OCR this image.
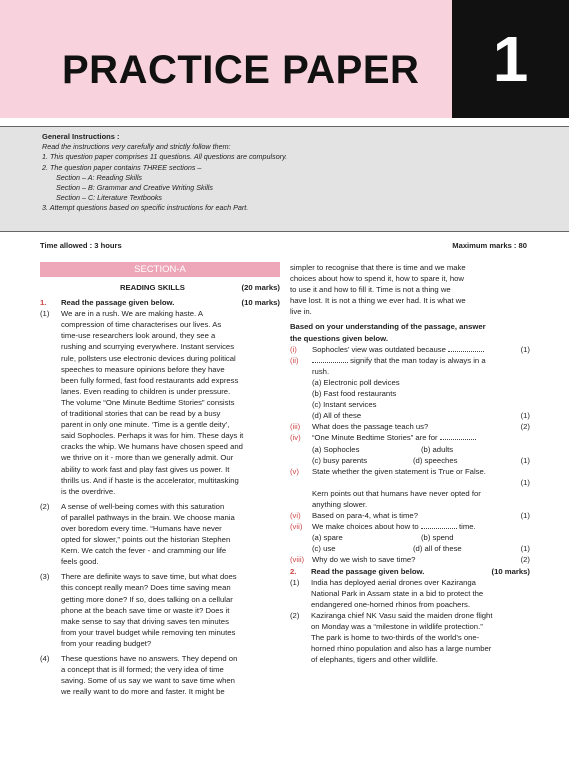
PRACTICE PAPER	1
General Instructions :
Read the instructions very carefully and strictly follow them:
1. This question paper comprises 11 questions. All questions are compulsory.
2. The question paper contains THREE sections –
Section – A: Reading Skills
Section – B: Grammar and Creative Writing Skills
Section – C: Literature Textbooks
3. Attempt questions based on specific instructions for each Part.
Time allowed : 3 hours	Maximum marks : 80
SECTION-A
READING SKILLS	(20 marks)
1. Read the passage given below.	(10 marks)
(1)	We are in a rush. We are making haste. A
compression of time characterises our lives. As
time-use researchers look around, they see a
rushing and scurrying everywhere. Instant services
rule, pollsters use electronic devices during political
speeches to measure opinions before they have
been fully formed, fast food restaurants add express
lanes. Even reading to children is under pressure.
The volume “One Minute Bedtime Stories” consists
of traditional stories that can be read by a busy
parent in only one minute. ‘Time is a gentle deity’,
said Sophocles. Perhaps it was for him. These days it
cracks the whip. We humans have chosen speed and
we thrive on it - more than we generally admit. Our
ability to work fast and play fast gives us power. It
thrills us. And if haste is the accelerator, multitasking
is the overdrive.
(2)	A sense of well-being comes with this saturation
of parallel pathways in the brain. We choose mania
over boredom every time. “Humans have never
opted for slower,” points out the historian Stephen
Kern. We catch the fever - and cramming our life
feels good.
(3)	There are definite ways to save time, but what does
this concept really mean? Does time saving mean
getting more done? If so, does talking on a cellular
phone at the beach save time or waste it? Does it
make sense to say that driving saves ten minutes
from your travel budget while removing ten minutes
from your reading budget?
(4)	These questions have no answers. They depend on
a concept that is ill formed; the very idea of time
saving. Some of us say we want to save time when
we really want to do more and faster. It might be
simpler to recognise that there is time and we make
choices about how to spend it, how to spare it, how
to use it and how to fill it. Time is not a thing we
have lost. It is not a thing we ever had. It is what we
live in.
Based on your understanding of the passage, answer
the questions given below.
(i)	Sophocles’ view was outdated because	(1)
(ii)	signify that the man today is always in a
rush.
(a) Electronic poll devices
(b) Fast food restaurants
(c) Instant services
(d) All of these	(1)
(iii)	What does the passage teach us?	(2)
(iv)	“One Minute Bedtime Stories” are for
(a) Sophocles	(b) adults
(c) busy parents	(d) speeches	(1)
(v)	State whether the given statement is True or False.
(1)
Kern points out that humans have never opted for
anything slower.
(vi)	Based on para-4, what is time?	(1)
(vii)	We make choices about how to	time.
(a) spare	(b) spend
(c) use	(d) all of these	(1)
(viii)	Why do we wish to save time?	(2)
2. Read the passage given below.	(10 marks)
(1)	India has deployed aerial drones over Kaziranga
National Park in Assam state in a bid to protect the
endangered one-horned rhinos from poachers.
(2)	Kaziranga chief NK Vasu said the maiden drone flight
on Monday was a “milestone in wildlife protection.”
The park is home to two-thirds of the world’s one-
horned rhino population and also has a large number
of elephants, tigers and other wildlife.
